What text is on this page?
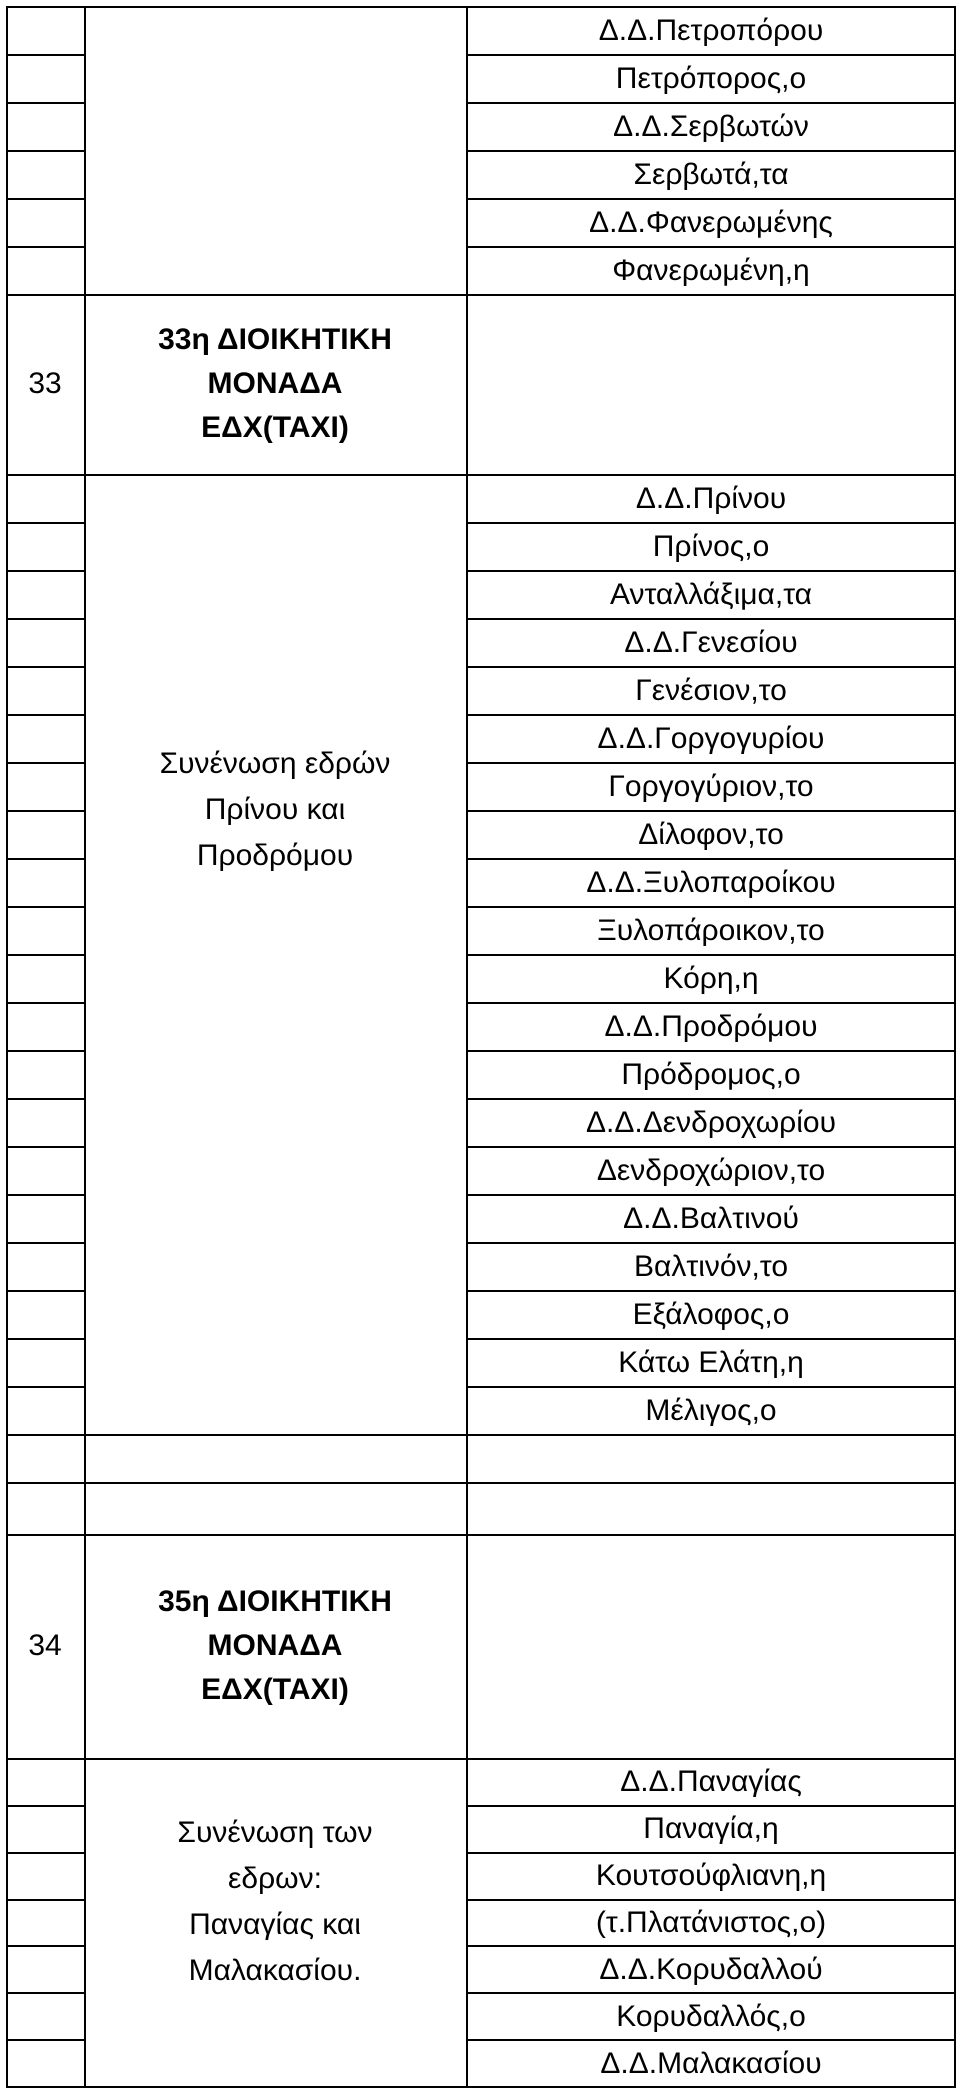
Δ.Δ.Πετροπόρου
Πετρόπορος,ο
Δ.Δ.Σερβωτών
Σερβωτά,τα
Δ.Δ.Φανερωμένης
Φανερωμένη,η
33
33η ΔΙΟΙΚΗΤΙΚΗ
ΜΟΝΑΔΑ
ΕΔΧ(ΤΑΧΙ)
Δ.Δ.Πρίνου
Πρίνος,ο
Ανταλλάξιμα,τα
Δ.Δ.Γενεσίου
Γενέσιον,το
Δ.Δ.Γοργογυρίου
Γοργογύριον,το
Δίλοφον,το
Δ.Δ.Ξυλοπαροίκου
Ξυλοπάροικον,το
Κόρη,η
Δ.Δ.Προδρόμου
Πρόδρομος,ο
Δ.Δ.Δενδροχωρίου
Δενδροχώριον,το
Δ.Δ.Βαλτινού
Βαλτινόν,το
Εξάλοφος,ο
Κάτω Ελάτη,η
Μέλιγος,ο
Συνένωση εδρών
Πρίνου και
Προδρόμου
34
35η ΔΙΟΙΚΗΤΙΚΗ
ΜΟΝΑΔΑ
ΕΔΧ(ΤΑΧΙ)
Δ.Δ.Παναγίας
Παναγία,η
Κουτσούφλιανη,η
(τ.Πλατάνιστος,ο)
Δ.Δ.Κορυδαλλού
Κορυδαλλός,ο
Δ.Δ.Μαλακασίου
Συνένωση των
εδρων:
Παναγίας και
Μαλακασίου.
